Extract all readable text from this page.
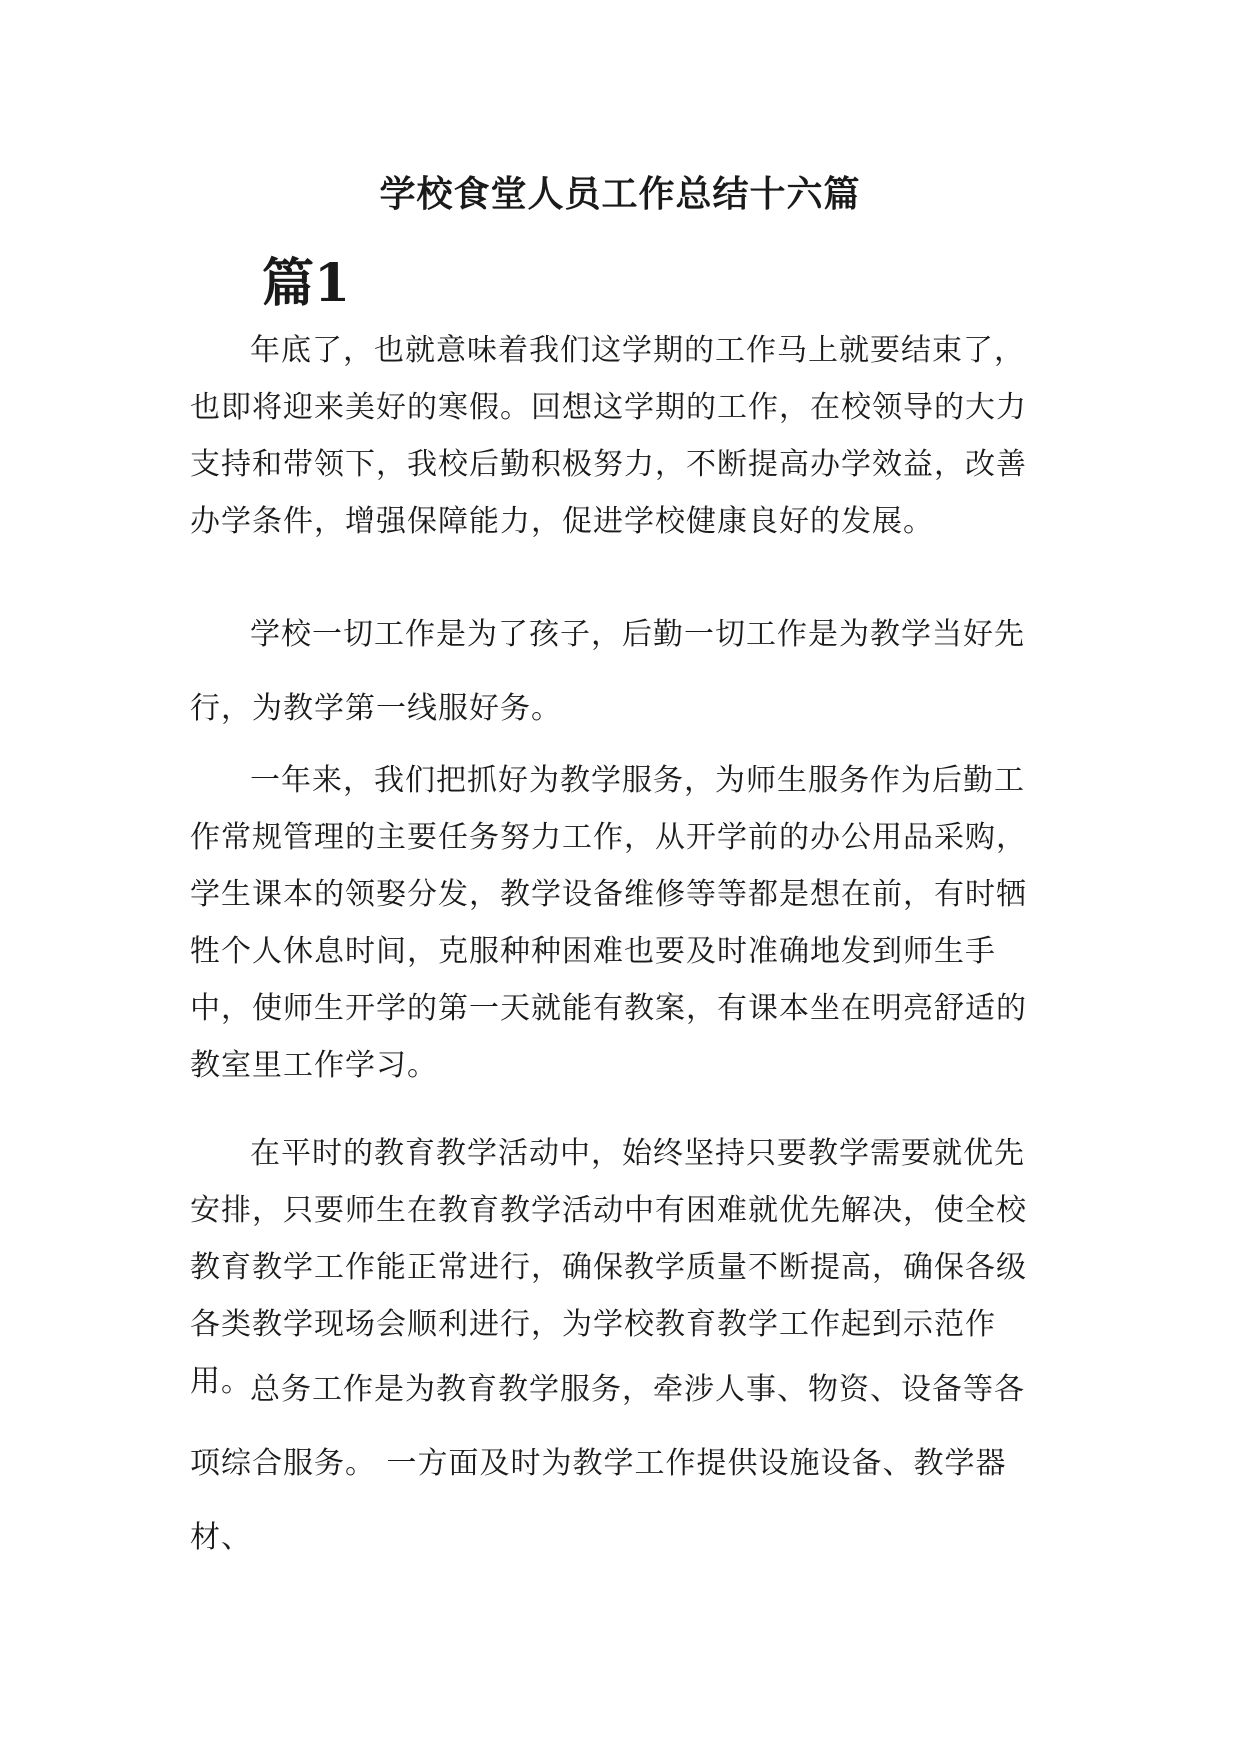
学校食堂人员工作总结十六篇
篇1

年底了，也就意味着我们这学期的工作马上就要结束了，也即将迎来美好的寒假。回想这学期的工作，在校领导的大力支持和带领下，我校后勤积极努力，不断提高办学效益，改善办学条件，增强保障能力，促进学校健康良好的发展。

学校一切工作是为了孩子，后勤一切工作是为教学当好先行，为教学第一线服好务。

一年来，我们把抓好为教学服务，为师生服务作为后勤工作常规管理的主要任务努力工作，从开学前的办公用品采购，学生课本的领娶分发，教学设备维修等等都是想在前，有时牺牲个人休息时间，克服种种困难也要及时准确地发到师生手中，使师生开学的第一天就能有教案，有课本坐在明亮舒适的教室里工作学习。

在平时的教育教学活动中，始终坚持只要教学需要就优先安排，只要师生在教育教学活动中有困难就优先解决，使全校教育教学工作能正常进行，确保教学质量不断提高，确保各级各类教学现场会顺利进行，为学校教育教学工作起到示范作用。

总务工作是为教育教学服务，牵涉人事、物资、设备等各项综合服务。 一方面及时为教学工作提供设施设备、教学器材、
